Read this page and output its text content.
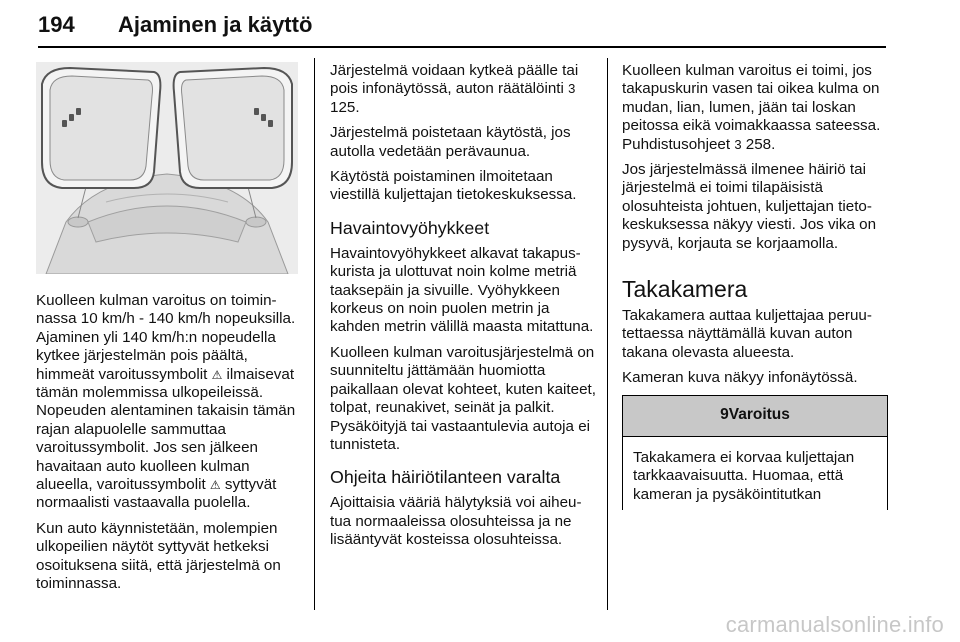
194 Ajaminen ja käyttö

Kuolleen kulman varoitus on toiminnassa 10 km/h - 140 km/h nopeuksilla. Ajaminen yli 140 km/h:n nopeudella kytkee järjestelmän pois päältä, himmeät varoitussymbolit ⚠ ilmaisevat tämän molemmissa ulkopeileissä. Nopeuden alentaminen takaisin tämän rajan alapuolelle sammuttaa varoitussymbolit. Jos sen jälkeen havaitaan auto kuolleen kulman alueella, varoitussymbolit ⚠ syttyvät normaalisti vastaavalla puolella.

Kun auto käynnistetään, molempien ulkopeilien näytöt syttyvät hetkeksi osoituksena siitä, että järjestelmä on toiminnassa.

Järjestelmä voidaan kytkeä päälle tai pois infonäytössä, auton räätälöinti 3 125.

Järjestelmä poistetaan käytöstä, jos autolla vedetään perävaunua.

Käytöstä poistaminen ilmoitetaan viestillä kuljettajan tietokeskuksessa.

Havaintovyöhykkeet

Havaintovyöhykkeet alkavat takapuskurista ja ulottuvat noin kolme metriä taaksepäin ja sivuille. Vyöhykkeen korkeus on noin puolen metrin ja kahden metrin välillä maasta mitattuna.

Kuolleen kulman varoitusjärjestelmä on suunniteltu jättämään huomiotta paikallaan olevat kohteet, kuten kaiteet, tolpat, reunakivet, seinät ja palkit. Pysäköityjä tai vastaantulevia autoja ei tunnisteta.

Ohjeita häiriötilanteen varalta

Ajoittaisia vääriä hälytyksiä voi aiheutua normaaleissa olosuhteissa ja ne lisääntyvät kosteissa olosuhteissa.

Kuolleen kulman varoitus ei toimi, jos takapuskurin vasen tai oikea kulma on mudan, lian, lumen, jään tai loskan peitossa eikä voimakkaassa sateessa. Puhdistusohjeet 3 258.

Jos järjestelmässä ilmenee häiriö tai järjestelmä ei toimi tilapäisistä olosuhteista johtuen, kuljettajan tietokeskuksessa näkyy viesti. Jos vika on pysyvä, korjauta se korjaamolla.

Takakamera

Takakamera auttaa kuljettajaa peruutettaessa näyttämällä kuvan auton takana olevasta alueesta.

Kameran kuva näkyy infonäytössä.

9 Varoitus

Takakamera ei korvaa kuljettajan tarkkaavaisuutta. Huomaa, että kameran ja pysäköintitutkan

carmanualsonline.info
